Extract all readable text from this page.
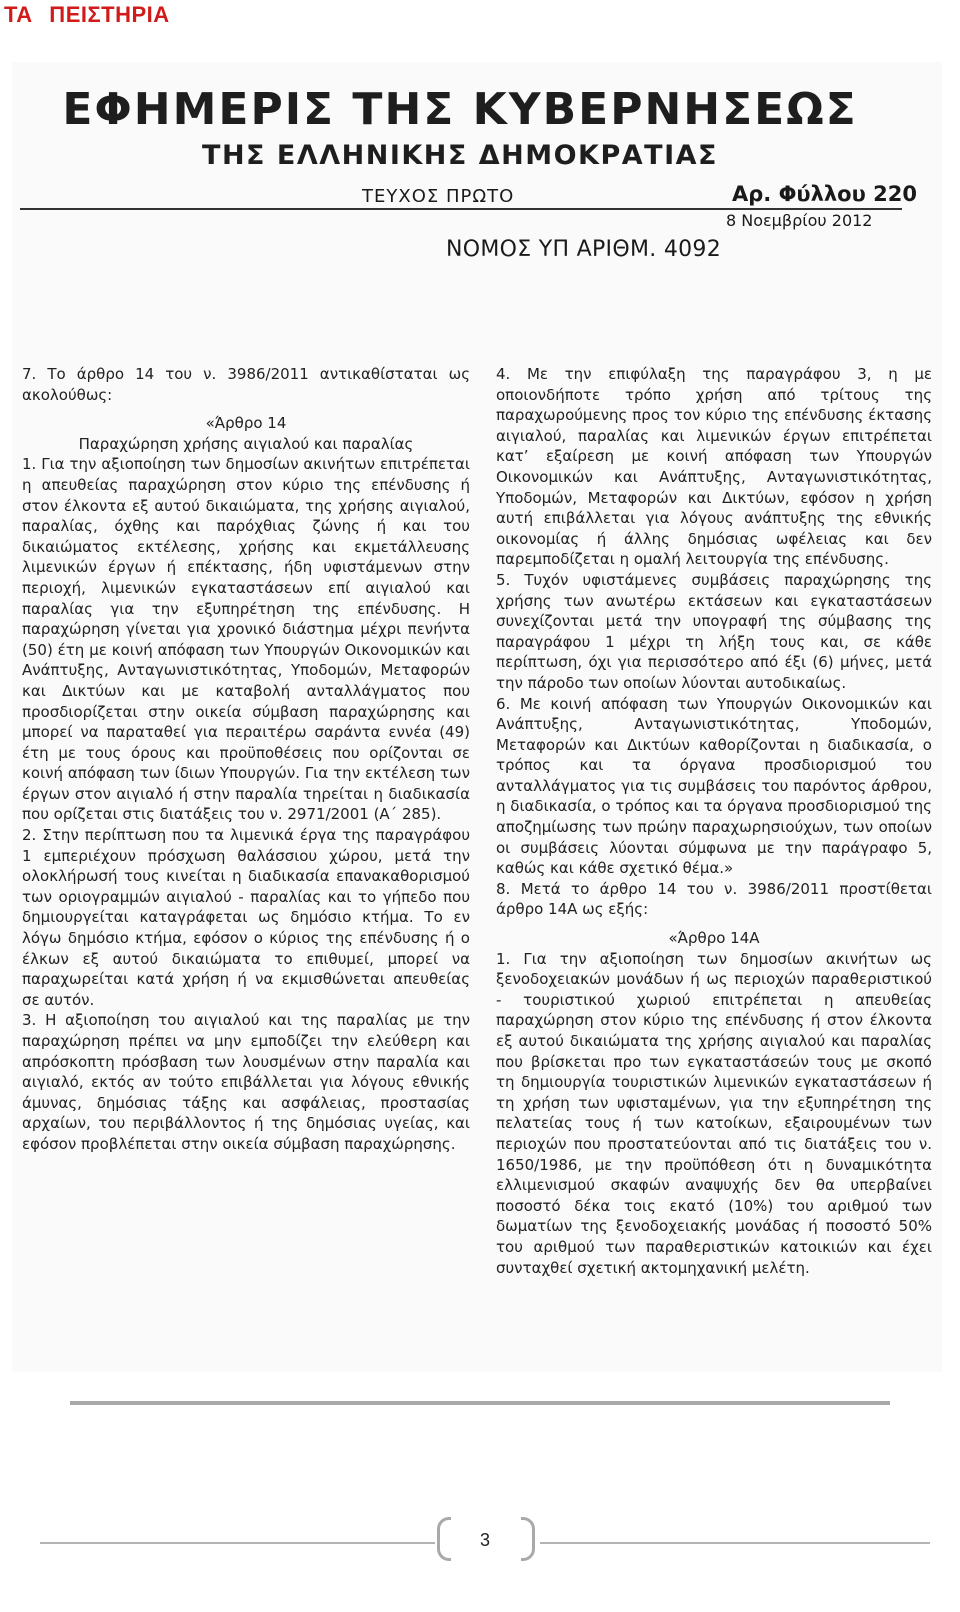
ΤΑ ΠΕΙΣΤΗΡΙΑ
ΕΦΗΜΕΡΙΣ ΤΗΣ ΚΥΒΕΡΝΗΣΕΩΣ
ΤΗΣ ΕΛΛΗΝΙΚΗΣ ΔΗΜΟΚΡΑΤΙΑΣ
ΤΕΥΧΟΣ ΠΡΩΤΟ	Αρ. Φύλλου 220
8 Νοεμβρίου 2012
ΝΟΜΟΣ ΥΠ ΑΡΙΘΜ. 4092

7. Το άρθρο 14 του ν. 3986/2011 αντικαθίσταται ως ακολούθως:

«Άρθρο 14

Παραχώρηση χρήσης αιγιαλού και παραλίας

1. Για την αξιοποίηση των δημοσίων ακινήτων επιτρέπεται η απευθείας παραχώρηση στον κύριο της επένδυσης ή στον έλκοντα εξ αυτού δικαιώματα, της χρήσης αιγιαλού, παραλίας, όχθης και παρόχθιας ζώνης ή και του δικαιώματος εκτέλεσης, χρήσης και εκμετάλλευσης λιμενικών έργων ή επέκτασης, ήδη υφιστάμενων στην περιοχή, λιμενικών εγκαταστάσεων επί αιγιαλού και παραλίας για την εξυπηρέτηση της επένδυσης. Η παραχώρηση γίνεται για χρονικό διάστημα μέχρι πενήντα (50) έτη με κοινή απόφαση των Υπουργών Οικονομικών και Ανάπτυξης, Ανταγωνιστικότητας, Υποδομών, Μεταφορών και Δικτύων και με καταβολή ανταλλάγματος που προσδιορίζεται στην οικεία σύμβαση παραχώρησης και μπορεί να παραταθεί για περαιτέρω σαράντα εννέα (49) έτη με τους όρους και προϋποθέσεις που ορίζονται σε κοινή απόφαση των ίδιων Υπουργών. Για την εκτέλεση των έργων στον αιγιαλό ή στην παραλία τηρείται η διαδικασία που ορίζεται στις διατάξεις του ν. 2971/2001 (Α΄ 285).

2. Στην περίπτωση που τα λιμενικά έργα της παραγράφου 1 εμπεριέχουν πρόσχωση θαλάσσιου χώρου, μετά την ολοκλήρωσή τους κινείται η διαδικασία επανακαθορισμού των οριογραμμών αιγιαλού - παραλίας και το γήπεδο που δημιουργείται καταγράφεται ως δημόσιο κτήμα. Το εν λόγω δημόσιο κτήμα, εφόσον ο κύριος της επένδυσης ή ο έλκων εξ αυτού δικαιώματα το επιθυμεί, μπορεί να παραχωρείται κατά χρήση ή να εκμισθώνεται απευθείας σε αυτόν.

3. Η αξιοποίηση του αιγιαλού και της παραλίας με την παραχώρηση πρέπει να μην εμποδίζει την ελεύθερη και απρόσκοπτη πρόσβαση των λουσμένων στην παραλία και αιγιαλό, εκτός αν τούτο επιβάλλεται για λόγους εθνικής άμυνας, δημόσιας τάξης και ασφάλειας, προστασίας αρχαίων, του περιβάλλοντος ή της δημόσιας υγείας, και εφόσον προβλέπεται στην οικεία σύμβαση παραχώρησης.

4. Με την επιφύλαξη της παραγράφου 3, η με οποιονδήποτε τρόπο χρήση από τρίτους της παραχωρούμενης προς τον κύριο της επένδυσης έκτασης αιγιαλού, παραλίας και λιμενικών έργων επιτρέπεται κατ’ εξαίρεση με κοινή απόφαση των Υπουργών Οικονομικών και Ανάπτυξης, Ανταγωνιστικότητας, Υποδομών, Μεταφορών και Δικτύων, εφόσον η χρήση αυτή επιβάλλεται για λόγους ανάπτυξης της εθνικής οικονομίας ή άλλης δημόσιας ωφέλειας και δεν παρεμποδίζεται η ομαλή λειτουργία της επένδυσης.

5. Τυχόν υφιστάμενες συμβάσεις παραχώρησης της χρήσης των ανωτέρω εκτάσεων και εγκαταστάσεων συνεχίζονται μετά την υπογραφή της σύμβασης της παραγράφου 1 μέχρι τη λήξη τους και, σε κάθε περίπτωση, όχι για περισσότερο από έξι (6) μήνες, μετά την πάροδο των οποίων λύονται αυτοδικαίως.

6. Με κοινή απόφαση των Υπουργών Οικονομικών και Ανάπτυξης, Ανταγωνιστικότητας, Υποδομών, Μεταφορών και Δικτύων καθορίζονται η διαδικασία, ο τρόπος και τα όργανα προσδιορισμού του ανταλλάγματος για τις συμβάσεις του παρόντος άρθρου, η διαδικασία, ο τρόπος και τα όργανα προσδιορισμού της αποζημίωσης των πρώην παραχωρησιούχων, των οποίων οι συμβάσεις λύονται σύμφωνα με την παράγραφο 5, καθώς και κάθε σχετικό θέμα.»

8. Μετά το άρθρο 14 του ν. 3986/2011 προστίθεται άρθρο 14Α ως εξής:

«Άρθρο 14Α

1. Για την αξιοποίηση των δημοσίων ακινήτων ως ξενοδοχειακών μονάδων ή ως περιοχών παραθεριστικού - τουριστικού χωριού επιτρέπεται η απευθείας παραχώρηση στον κύριο της επένδυσης ή στον έλκοντα εξ αυτού δικαιώματα της χρήσης αιγιαλού και παραλίας που βρίσκεται προ των εγκαταστάσεών τους με σκοπό τη δημιουργία τουριστικών λιμενικών εγκαταστάσεων ή τη χρήση των υφισταμένων, για την εξυπηρέτηση της πελατείας τους ή των κατοίκων, εξαιρουμένων των περιοχών που προστατεύονται από τις διατάξεις του ν. 1650/1986, με την προϋπόθεση ότι η δυναμικότητα ελλιμενισμού σκαφών αναψυχής δεν θα υπερβαίνει ποσοστό δέκα τοις εκατό (10%) του αριθμού των δωματίων της ξενοδοχειακής μονάδας ή ποσοστό 50% του αριθμού των παραθεριστικών κατοικιών και έχει συνταχθεί σχετική ακτομηχανική μελέτη.

3
